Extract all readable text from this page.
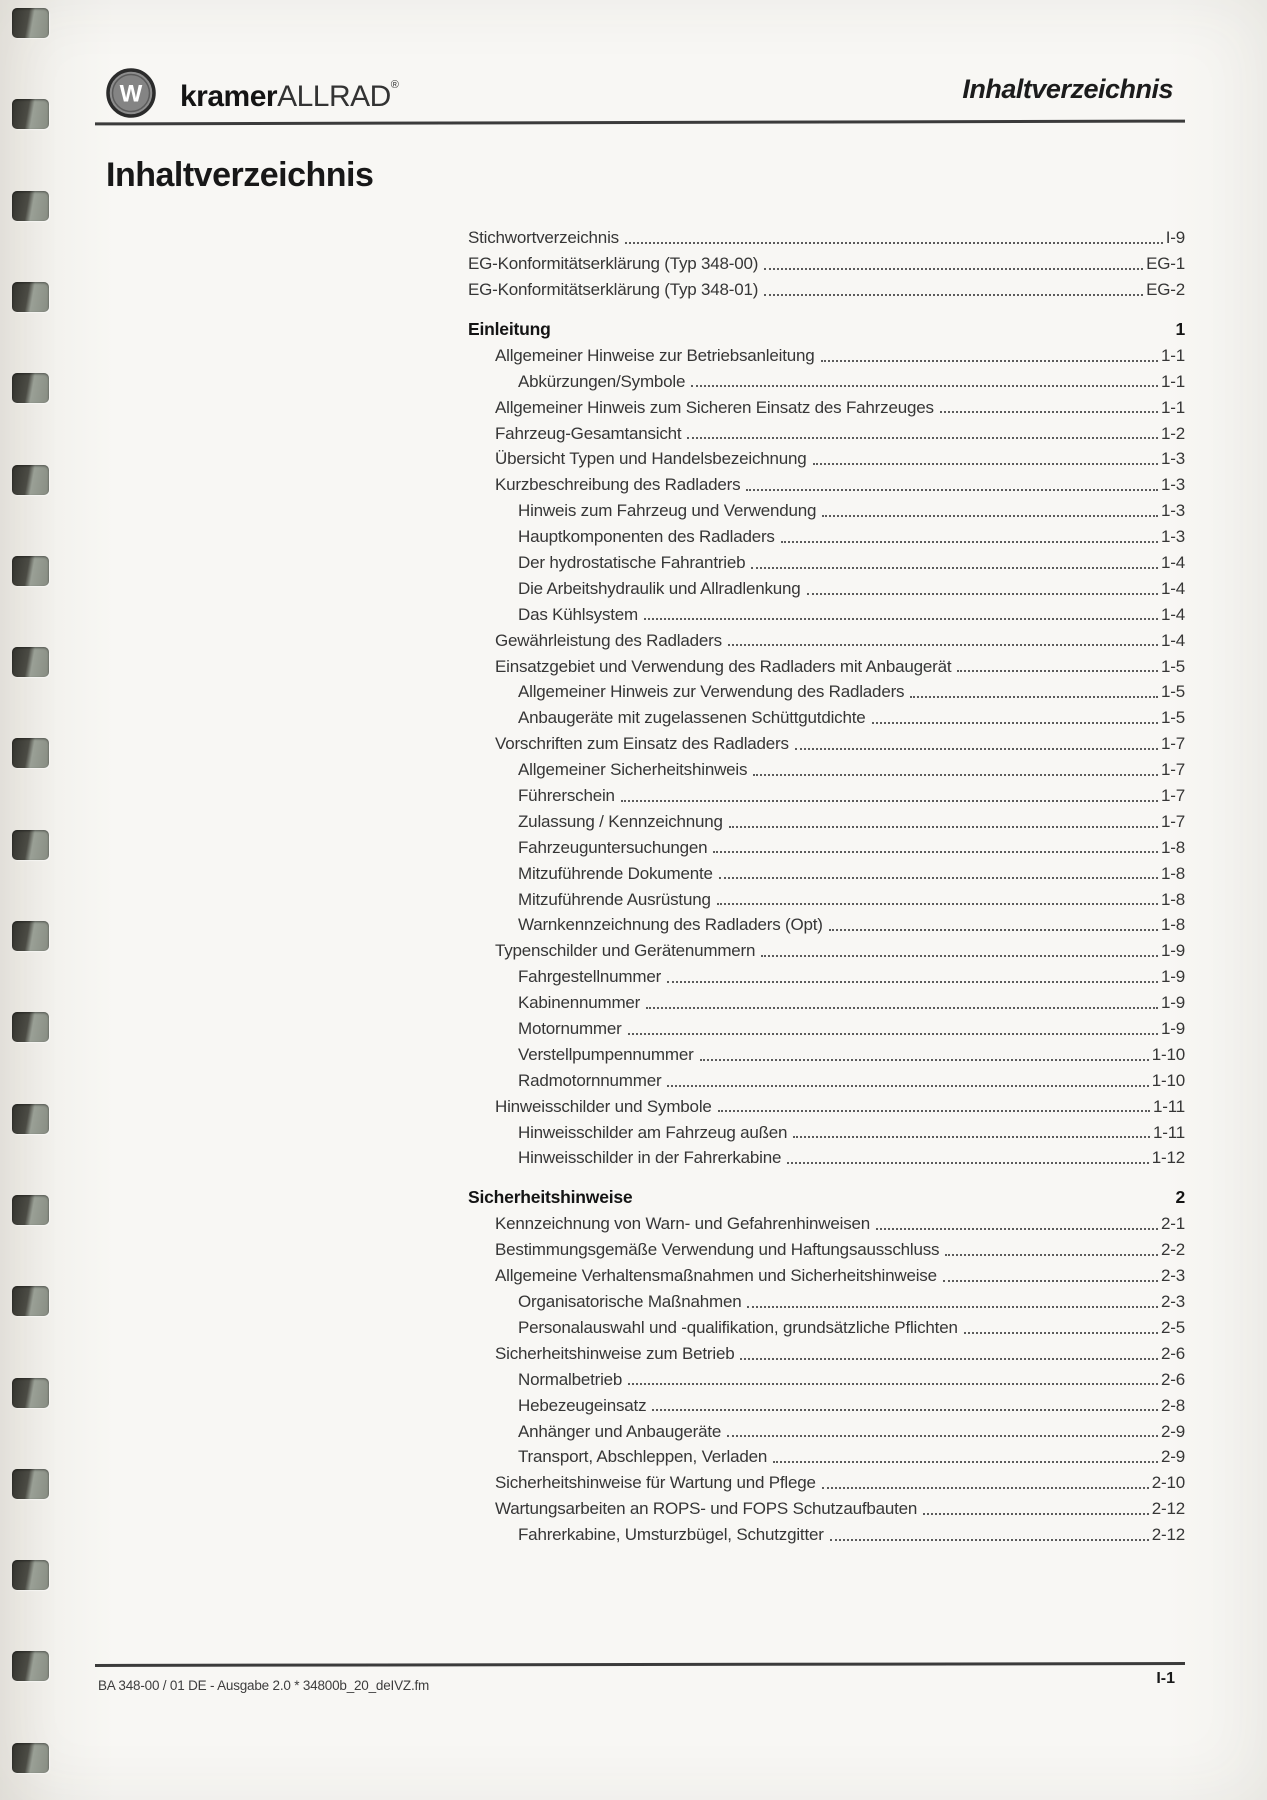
W kramerALLRAD®	Inhaltverzeichnis
Inhaltverzeichnis
Stichwortverzeichnis	I-9
EG-Konformitätserklärung (Typ 348-00)	EG-1
EG-Konformitätserklärung (Typ 348-01)	EG-2
Einleitung	1
Allgemeiner Hinweise zur Betriebsanleitung	1-1
Abkürzungen/Symbole	1-1
Allgemeiner Hinweis zum Sicheren Einsatz des Fahrzeuges	1-1
Fahrzeug-Gesamtansicht	1-2
Übersicht Typen und Handelsbezeichnung	1-3
Kurzbeschreibung des Radladers	1-3
Hinweis zum Fahrzeug und Verwendung	1-3
Hauptkomponenten des Radladers	1-3
Der hydrostatische Fahrantrieb	1-4
Die Arbeitshydraulik und Allradlenkung	1-4
Das Kühlsystem	1-4
Gewährleistung des Radladers	1-4
Einsatzgebiet und Verwendung des Radladers mit Anbaugerät	1-5
Allgemeiner Hinweis zur Verwendung des Radladers	1-5
Anbaugeräte mit zugelassenen Schüttgutdichte	1-5
Vorschriften zum Einsatz des Radladers	1-7
Allgemeiner Sicherheitshinweis	1-7
Führerschein	1-7
Zulassung / Kennzeichnung	1-7
Fahrzeuguntersuchungen	1-8
Mitzuführende Dokumente	1-8
Mitzuführende Ausrüstung	1-8
Warnkennzeichnung des Radladers (Opt)	1-8
Typenschilder und Gerätenummern	1-9
Fahrgestellnummer	1-9
Kabinennummer	1-9
Motornummer	1-9
Verstellpumpennummer	1-10
Radmotornnummer	1-10
Hinweisschilder und Symbole	1-11
Hinweisschilder am Fahrzeug außen	1-11
Hinweisschilder in der Fahrerkabine	1-12
Sicherheitshinweise	2
Kennzeichnung von Warn- und Gefahrenhinweisen	2-1
Bestimmungsgemäße Verwendung und Haftungsausschluss	2-2
Allgemeine Verhaltensmaßnahmen und Sicherheitshinweise	2-3
Organisatorische Maßnahmen	2-3
Personalauswahl und -qualifikation, grundsätzliche Pflichten	2-5
Sicherheitshinweise zum Betrieb	2-6
Normalbetrieb	2-6
Hebezeugeinsatz	2-8
Anhänger und Anbaugeräte	2-9
Transport, Abschleppen, Verladen	2-9
Sicherheitshinweise für Wartung und Pflege	2-10
Wartungsarbeiten an ROPS- und FOPS Schutzaufbauten	2-12
Fahrerkabine, Umsturzbügel, Schutzgitter	2-12
BA 348-00 / 01 DE - Ausgabe 2.0 * 34800b_20_deIVZ.fm	I-1
